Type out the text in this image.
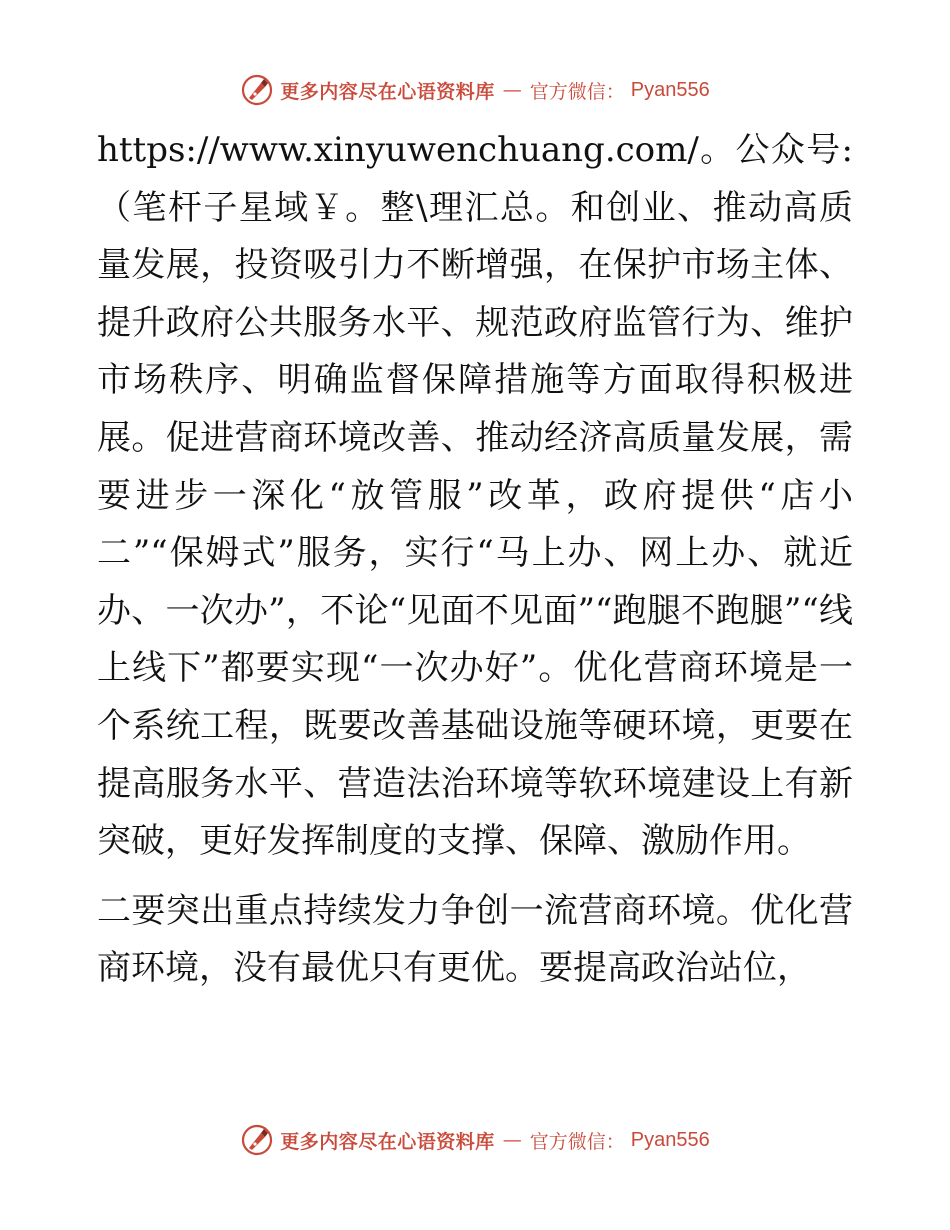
更多内容尽在心语资料库 — 官方微信： Pyan556

https://www.xinyuwenchuang.com/。公众号:（笔杆子星域￥。整\理汇总。和创业、推动高质量发展，投资吸引力不断增强，在保护市场主体、提升政府公共服务水平、规范政府监管行为、维护市场秩序、明确监督保障措施等方面取得积极进展。促进营商环境改善、推动经济高质量发展，需要进步一深化“放管服”改革，政府提供“店小二”“保姆式”服务，实行“马上办、网上办、就近办、一次办”，不论“见面不见面”“跑腿不跑腿”“线上线下”都要实现“一次办好”。优化营商环境是一个系统工程，既要改善基础设施等硬环境，更要在提高服务水平、营造法治环境等软环境建设上有新突破，更好发挥制度的支撑、保障、激励作用。

二要突出重点持续发力争创一流营商环境。优化营商环境，没有最优只有更优。要提高政治站位，

更多内容尽在心语资料库 — 官方微信： Pyan556
